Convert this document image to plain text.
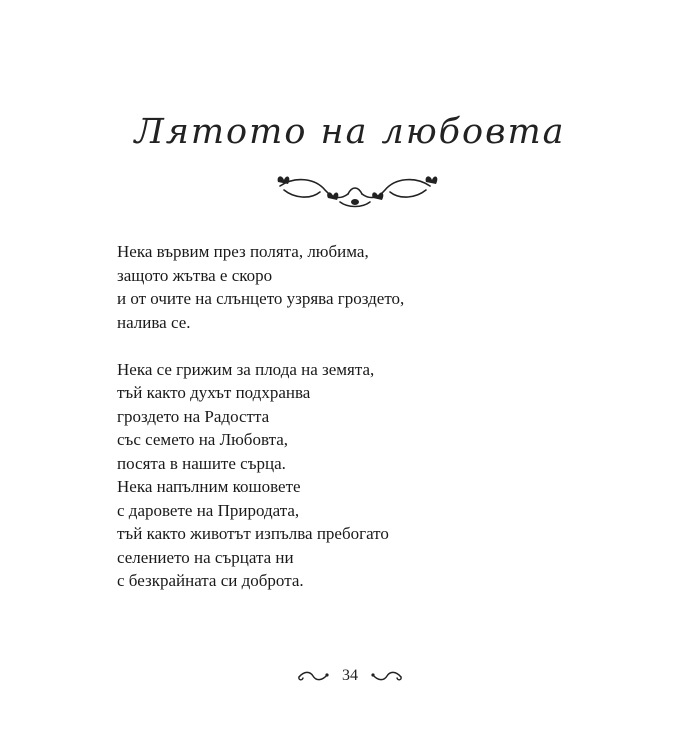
Лятото на любовта
Нека вървим през полята, любима,
защото жътва е скоро
и от очите на слънцето узрява гроздето,
налива се.
Нека се грижим за плода на земята,
тъй както духът подхранва
гроздето на Радостта
със семето на Любовта,
посята в нашите сърца.
Нека напълним кошовете
с даровете на Природата,
тъй както животът изпълва пребогато
селението на сърцата ни
с безкрайната си доброта.
34
